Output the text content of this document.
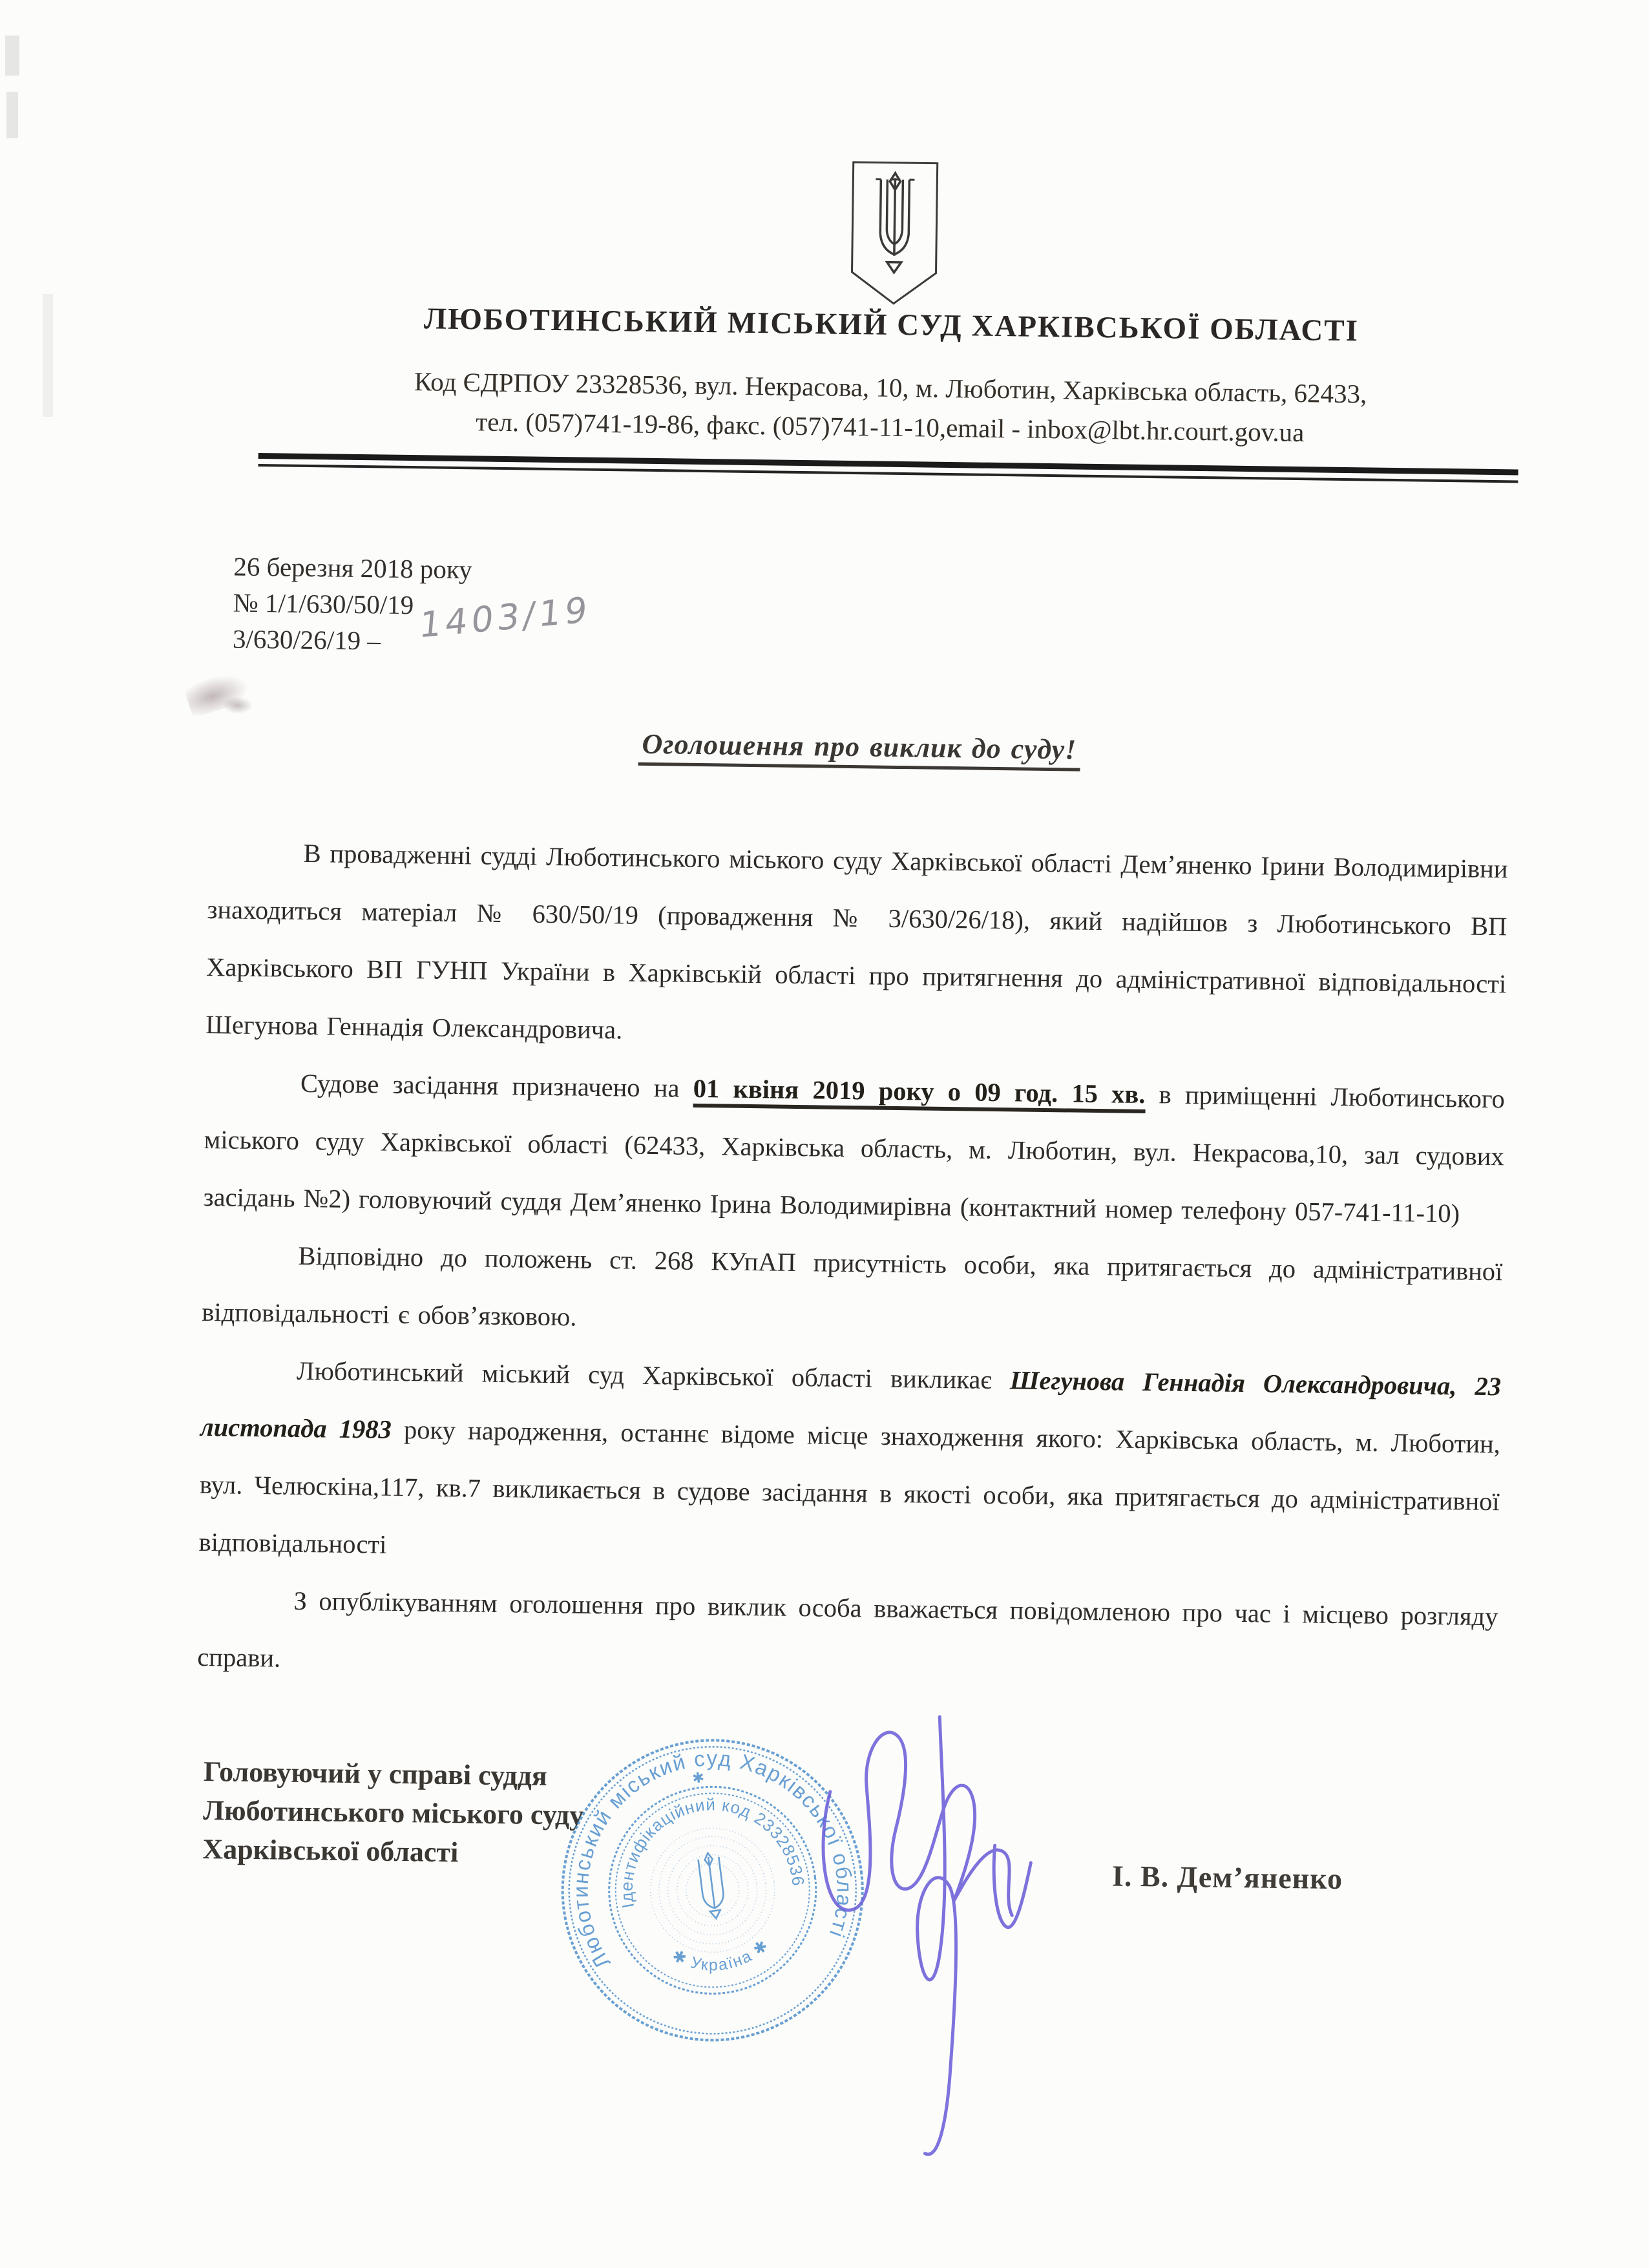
ЛЮБОТИНСЬКИЙ МІСЬКИЙ СУД ХАРКІВСЬКОЇ ОБЛАСТІ
Код ЄДРПОУ 23328536, вул. Некрасова, 10, м. Люботин, Харківська область, 62433,
тел. (057)741-19-86, факс. (057)741-11-10,email - inbox@lbt.hr.court.gov.ua
26 березня 2018 року
№ 1/1/630/50/19
3/630/26/19 –	1403/19
Оголошення про виклик до суду!

В провадженні судді Люботинського міського суду Харківської області Дем’яненко Ірини Володимирівни знаходиться матеріал № 630/50/19 (провадження № 3/630/26/18), який надійшов з Люботинського ВП Харківського ВП ГУНП України в Харківській області про притягнення до адміністративної відповідальності Шегунова Геннадія Олександровича.

Судове засідання призначено на 01 квіня 2019 року о 09 год. 15 хв. в приміщенні Люботинського міського суду Харківської області (62433, Харківська область, м. Люботин, вул. Некрасова,10, зал судових засідань №2) головуючий суддя Дем’яненко Ірина Володимирівна (контактний номер телефону 057-741-11-10)

Відповідно до положень ст. 268 КУпАП присутність особи, яка притягається до адміністративної відповідальності є обов’язковою.

Люботинський міський суд Харківської області викликає Шегунова Геннадія Олександровича, 23 листопада 1983 року народження, останнє відоме місце знаходження якого: Харківська область, м. Люботин, вул. Челюскіна,117, кв.7 викликається в судове засідання в якості особи, яка притягається до адміністративної відповідальності

З опублікуванням оголошення про виклик особа вважається повідомленою про час і місцево розгляду справи.

Головуючий у справі суддя
Люботинського міського суду
Харківської області
І. В. Дем’яненко
Люботинський міський суд Харківської області
Ідентифікаційний код 23328536
✱ Україна ✱
✱
